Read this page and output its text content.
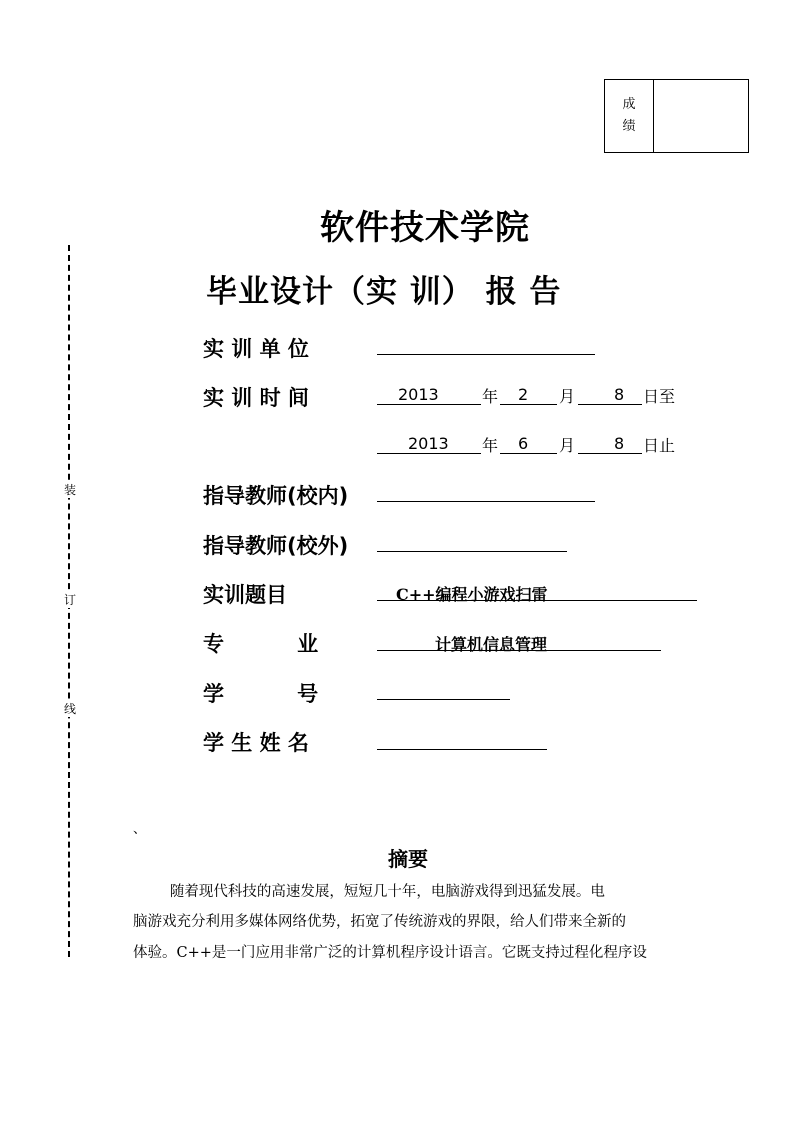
成
绩
装
订
线
软件技术学院
毕业设计（实 训） 报 告
实 训 单 位
实 训 时 间	2013	年 2 月 8 日至
2013 年 6 月 8 日止
指导教师(校内)
指导教师(校外)
实训题目	C++编程小游戏扫雷
专          业	计算机信息管理
学          号
学 生 姓 名
、
摘要
随着现代科技的高速发展，短短几十年，电脑游戏得到迅猛发展。电
脑游戏充分利用多媒体网络优势，拓宽了传统游戏的界限，给人们带来全新的
体验。C++是一门应用非常广泛的计算机程序设计语言。它既支持过程化程序设
